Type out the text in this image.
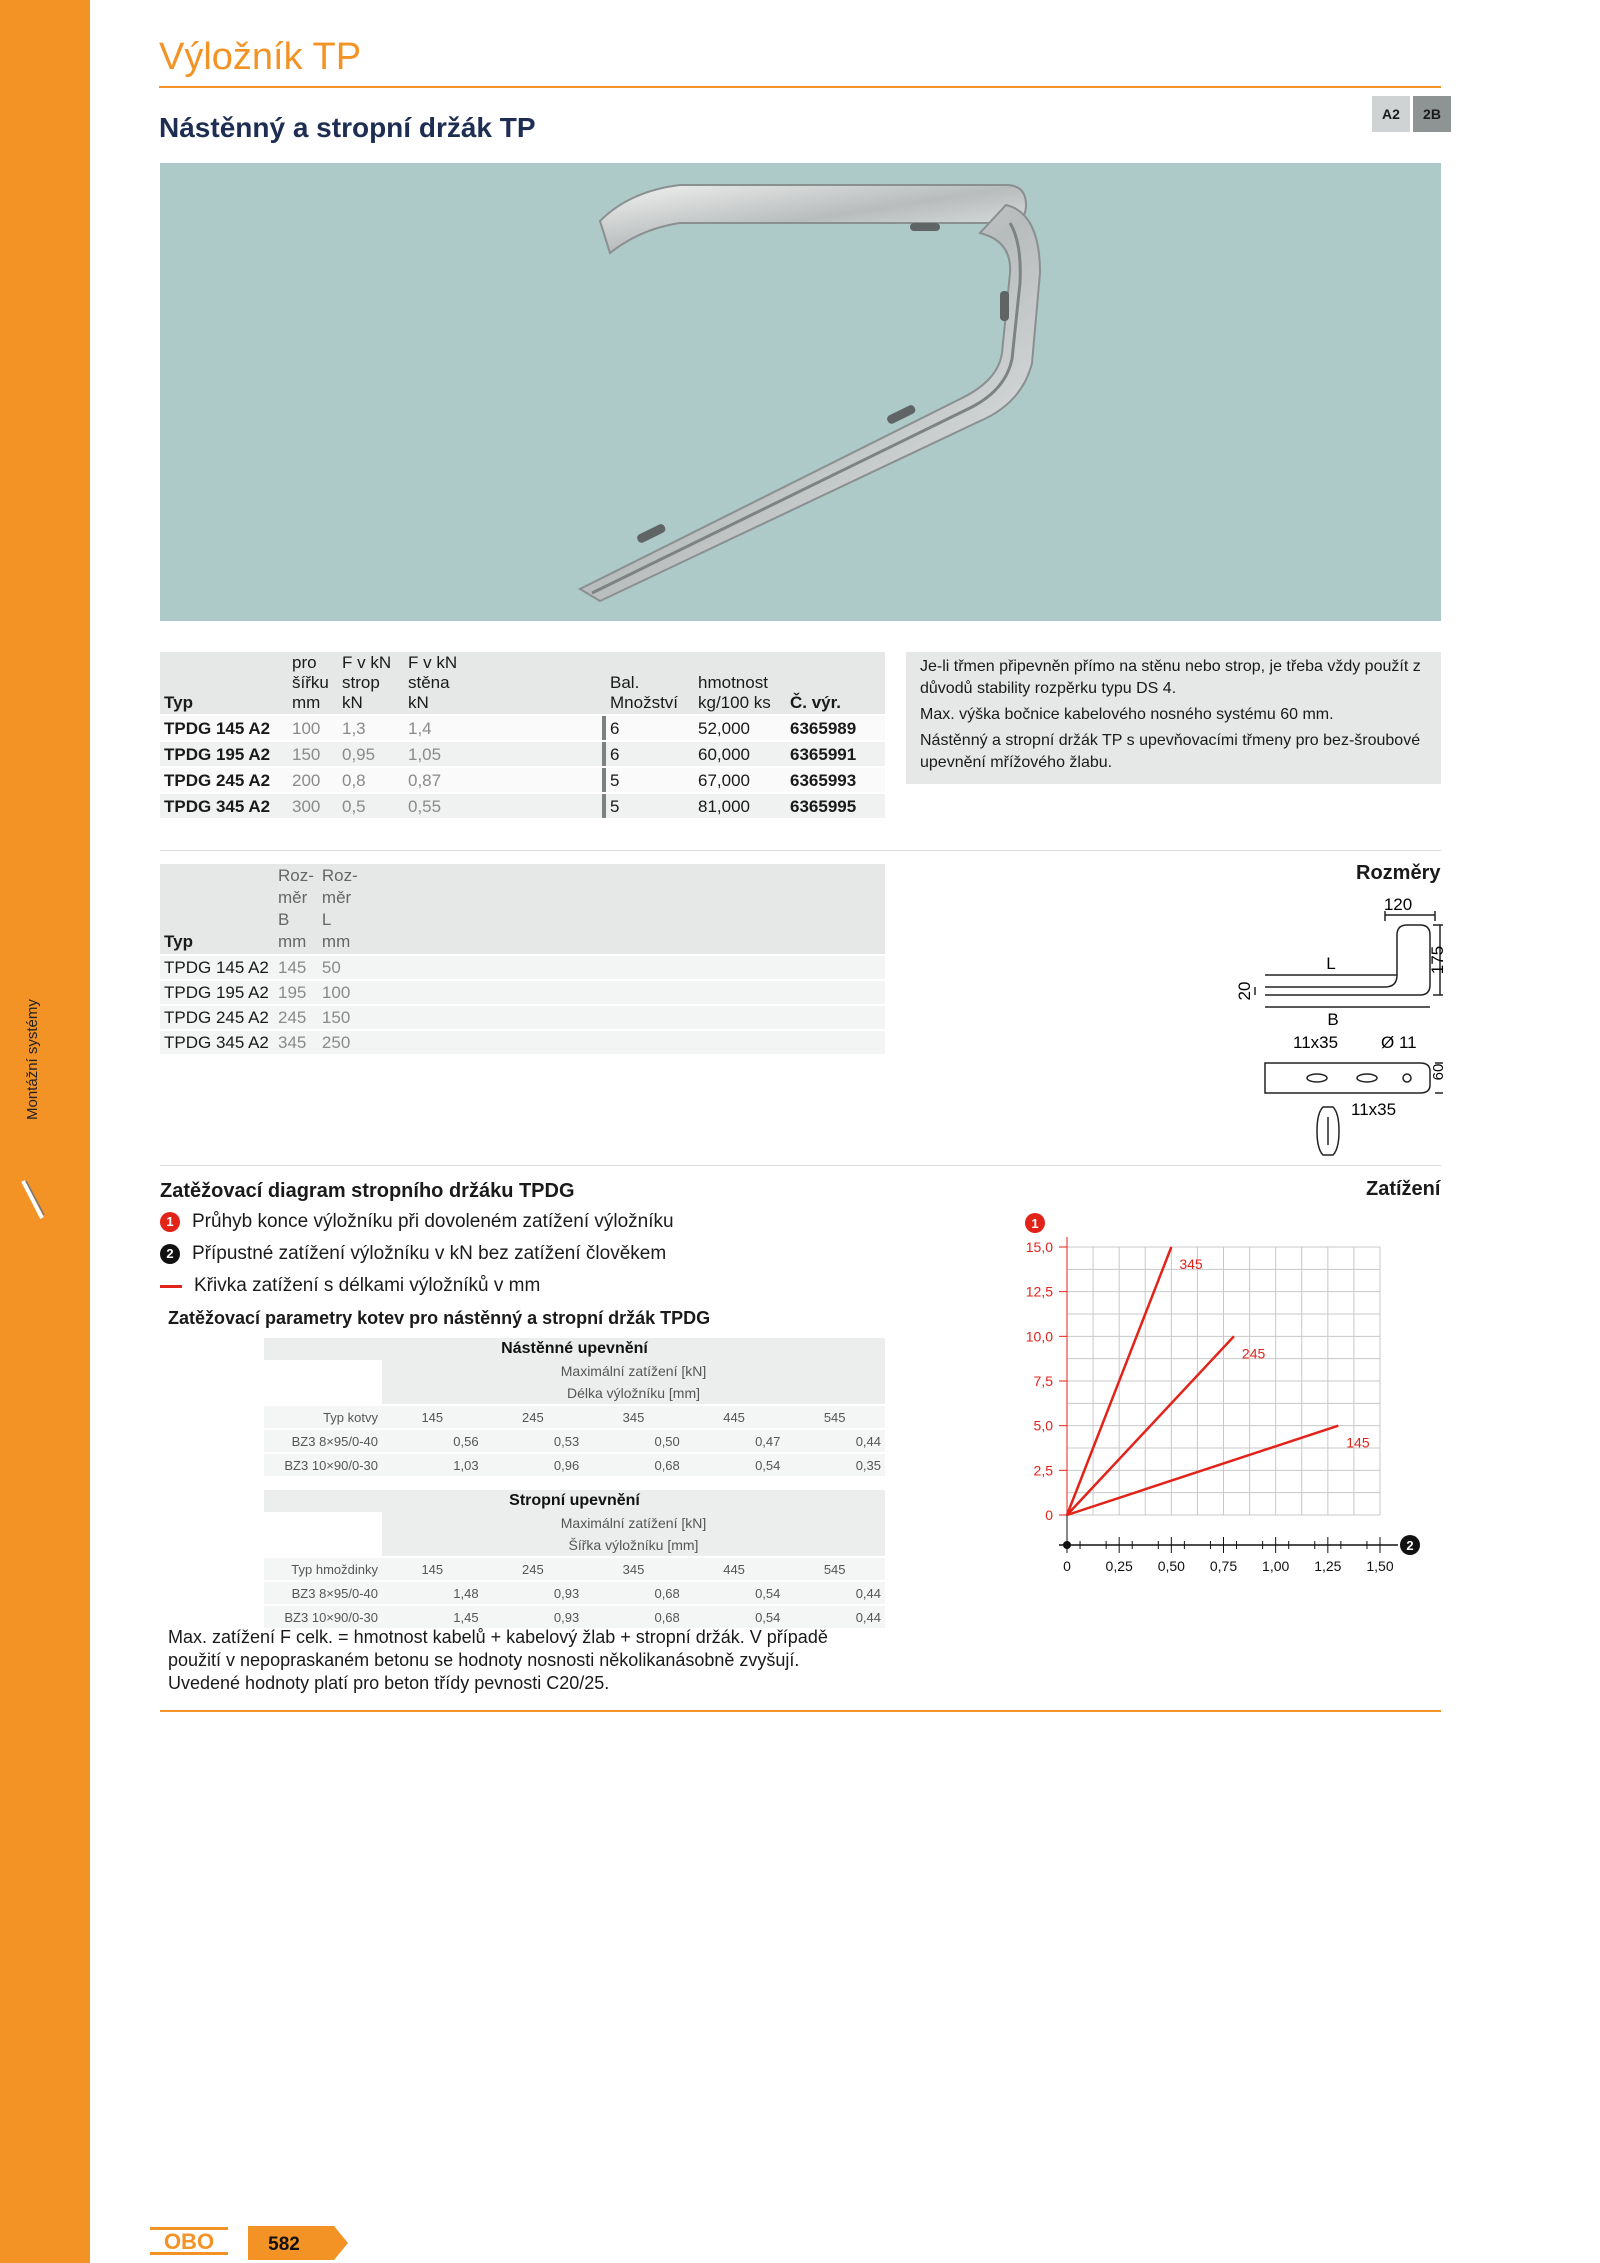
Montážní systémy
Výložník TP
Nástěnný a stropní držák TP	A2	2B

Typ	pro
šířku
mm	F v kN
strop
kN	F v kN
stěna
kN			Bal.
Množství	hmotnost
kg/100 ks	Č. výr.
TPDG 145 A2	100	1,3	1,4			6	52,000	6365989
TPDG 195 A2	150	0,95	1,05			6	60,000	6365991
TPDG 245 A2	200	0,8	0,87			5	67,000	6365993
TPDG 345 A2	300	0,5	0,55			5	81,000	6365995

Je-li třmen připevněn přímo na stěnu nebo strop, je třeba vždy použít z důvodů stability rozpěrku typu DS 4.

Max. výška bočnice kabelového nosného systému 60 mm.

Nástěnný a stropní držák TP s upevňovacími třmeny pro bez-šroubové upevnění mřížového žlabu.

Typ	Roz-
měr
B
mm	Roz-
měr
L
mm
TPDG 145 A2	145	50
TPDG 195 A2	195	100
TPDG 245 A2	245	150
TPDG 345 A2	345	250
Rozměry
120
175
20
L
B
11x35	Ø 11
60
11x35
Zatěžovací diagram stropního držáku TPDG	Zatížení
1 Průhyb konce výložníku při dovoleném zatížení výložníku
2 Přípustné zatížení výložníku v kN bez zatížení člověkem
Křivka zatížení s délkami výložníků v mm
Zatěžovací parametry kotev pro nástěnný a stropní držák TPDG
	Nástěnné upevnění					
		Maximální zatížení [kN]				
		Délka výložníku [mm]				
	Typ kotvy	145	245	345	445	545
	BZ3 8×95/0-40	0,56	0,53	0,50	0,47	0,44
	BZ3 10×90/0-30	1,03	0,96	0,68	0,54	0,35
	Stropní upevnění					
		Maximální zatížení [kN]				
		Šířka výložníku [mm]				
	Typ hmoždinky	145	245	345	445	545
	BZ3 8×95/0-40	1,48	0,93	0,68	0,54	0,44
	BZ3 10×90/0-30	1,45	0,93	0,68	0,54	0,44
Max. zatížení F celk. = hmotnost kabelů + kabelový žlab + stropní držák. V případě použití v nepopraskaném betonu se hodnoty nosnosti několikanásobně zvyšují. Uvedené hodnoty platí pro beton třídy pevnosti C20/25.
0
2,5
5,0
7,5
10,0
12,5
15,0
0 0,25 0,50 0,75 1,00 1,25 1,50
1
2
345
245
145
OBO	582
